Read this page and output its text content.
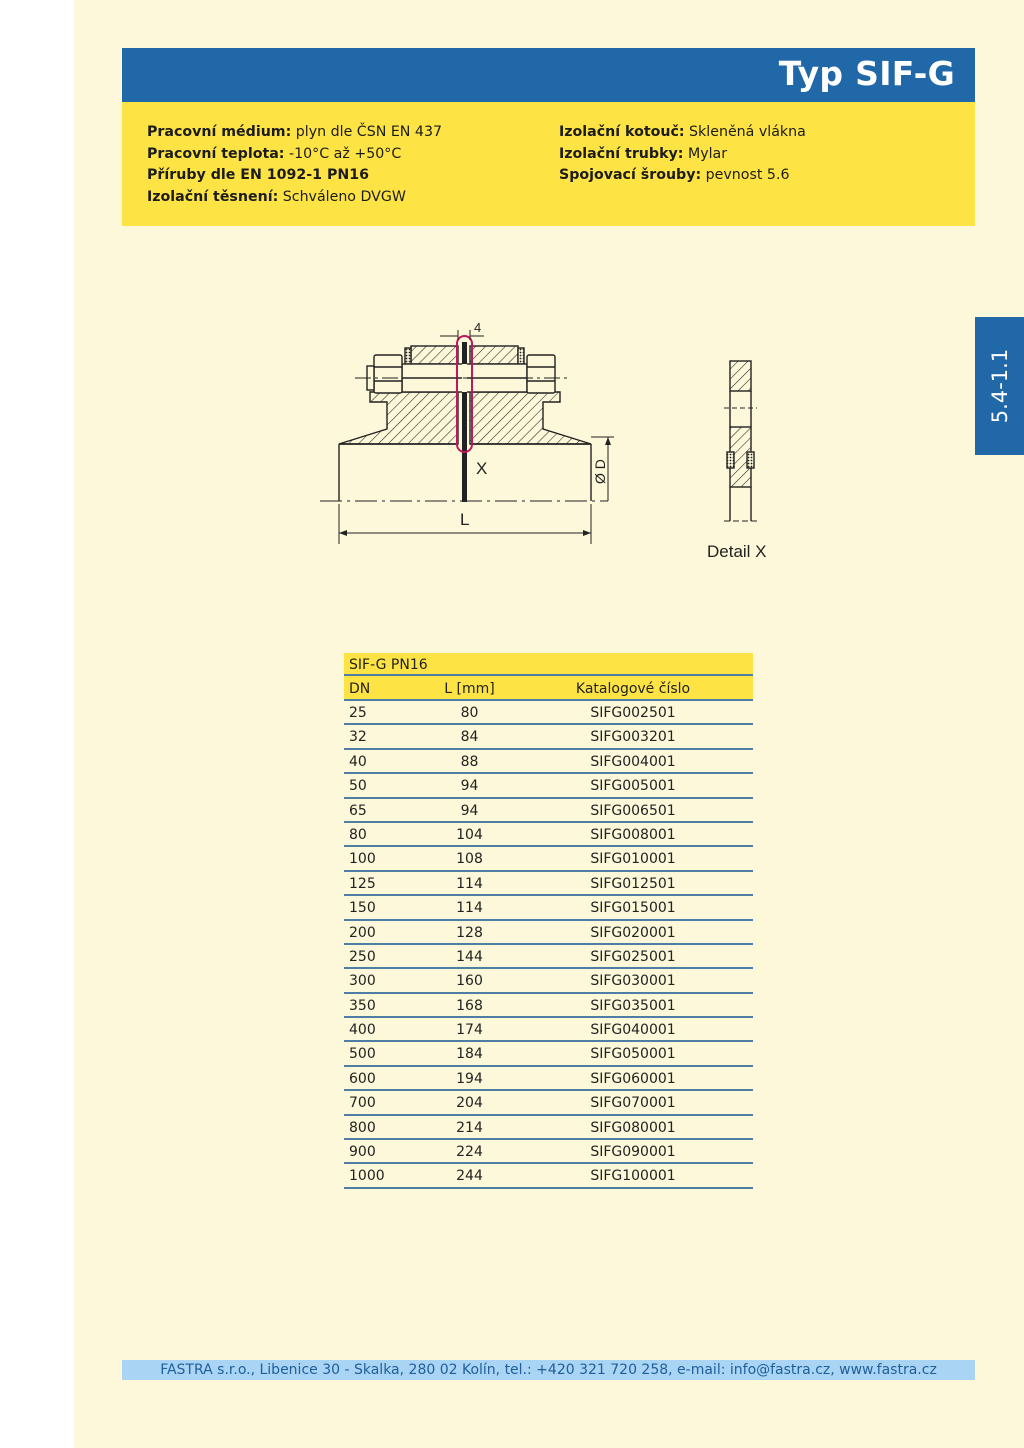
Typ SIF-G
Pracovní médium: plyn dle ČSN EN 437
Pracovní teplota: -10°C až +50°C
Příruby dle EN 1092-1 PN16
Izolační těsnení: Schváleno DVGW
Izolační kotouč: Skleněná vlákna
Izolační trubky: Mylar
Spojovací šrouby: pevnost 5.6
5.4-1.1
4
X
L
Ø D
Detail X
SIF-G PN16
DN	L [mm]	Katalogové číslo
25	80	SIFG002501
32	84	SIFG003201
40	88	SIFG004001
50	94	SIFG005001
65	94	SIFG006501
80	104	SIFG008001
100	108	SIFG010001
125	114	SIFG012501
150	114	SIFG015001
200	128	SIFG020001
250	144	SIFG025001
300	160	SIFG030001
350	168	SIFG035001
400	174	SIFG040001
500	184	SIFG050001
600	194	SIFG060001
700	204	SIFG070001
800	214	SIFG080001
900	224	SIFG090001
1000	244	SIFG100001
FASTRA s.r.o., Libenice 30 - Skalka, 280 02 Kolín, tel.: +420 321 720 258, e-mail: info@fastra.cz, www.fastra.cz
